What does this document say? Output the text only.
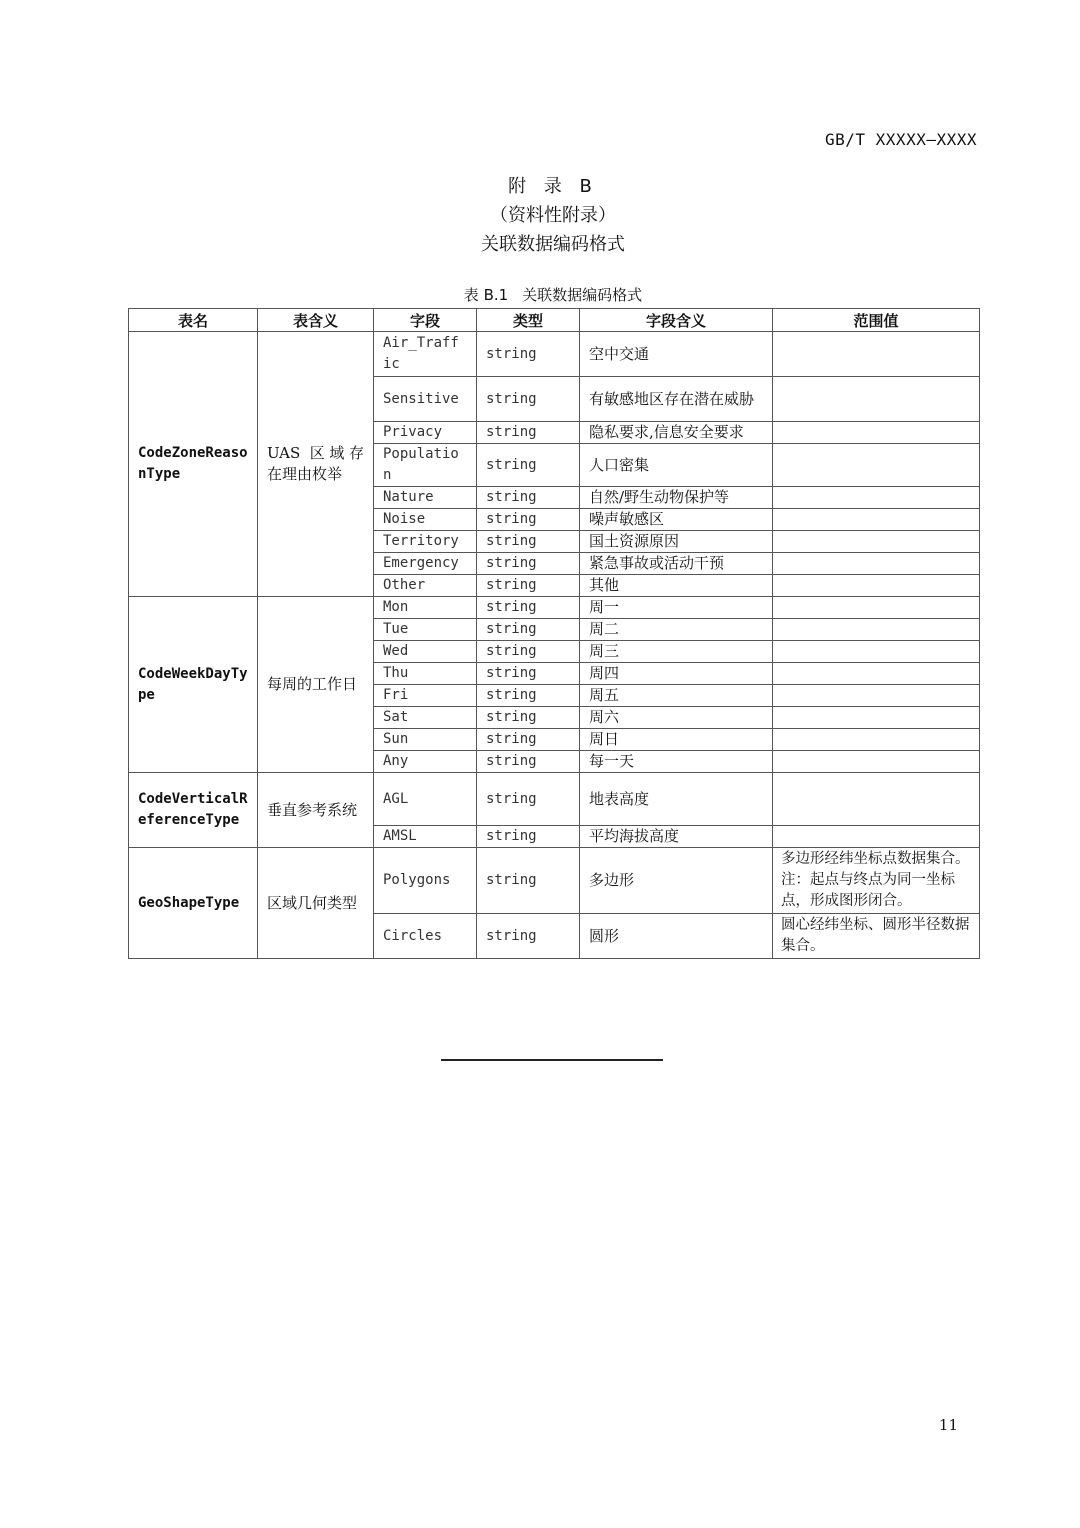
GB/T XXXXX—XXXX
附 录 B
（资料性附录）
关联数据编码格式
表 B.1 关联数据编码格式
表名	表含义	字段	类型	字段含义	范围值
CodeZoneReasonType	UAS 区域存在理由枚举	Air_Traffic	string	空中交通	
		Sensitive	string	有敏感地区存在潜在威胁	
		Privacy	string	隐私要求,信息安全要求	
		Population	string	人口密集	
		Nature	string	自然/野生动物保护等	
		Noise	string	噪声敏感区	
		Territory	string	国土资源原因	
		Emergency	string	紧急事故或活动干预	
		Other	string	其他	
CodeWeekDayType	每周的工作日	Mon	string	周一	
		Tue	string	周二	
		Wed	string	周三	
		Thu	string	周四	
		Fri	string	周五	
		Sat	string	周六	
		Sun	string	周日	
		Any	string	每一天	
CodeVerticalReferenceType	垂直参考系统	AGL	string	地表高度	
		AMSL	string	平均海拔高度	
GeoShapeType	区域几何类型	Polygons	string	多边形	多边形经纬坐标点数据集合。注：起点与终点为同一坐标点，形成图形闭合。
		Circles	string	圆形	圆心经纬坐标、圆形半径数据集合。
11
